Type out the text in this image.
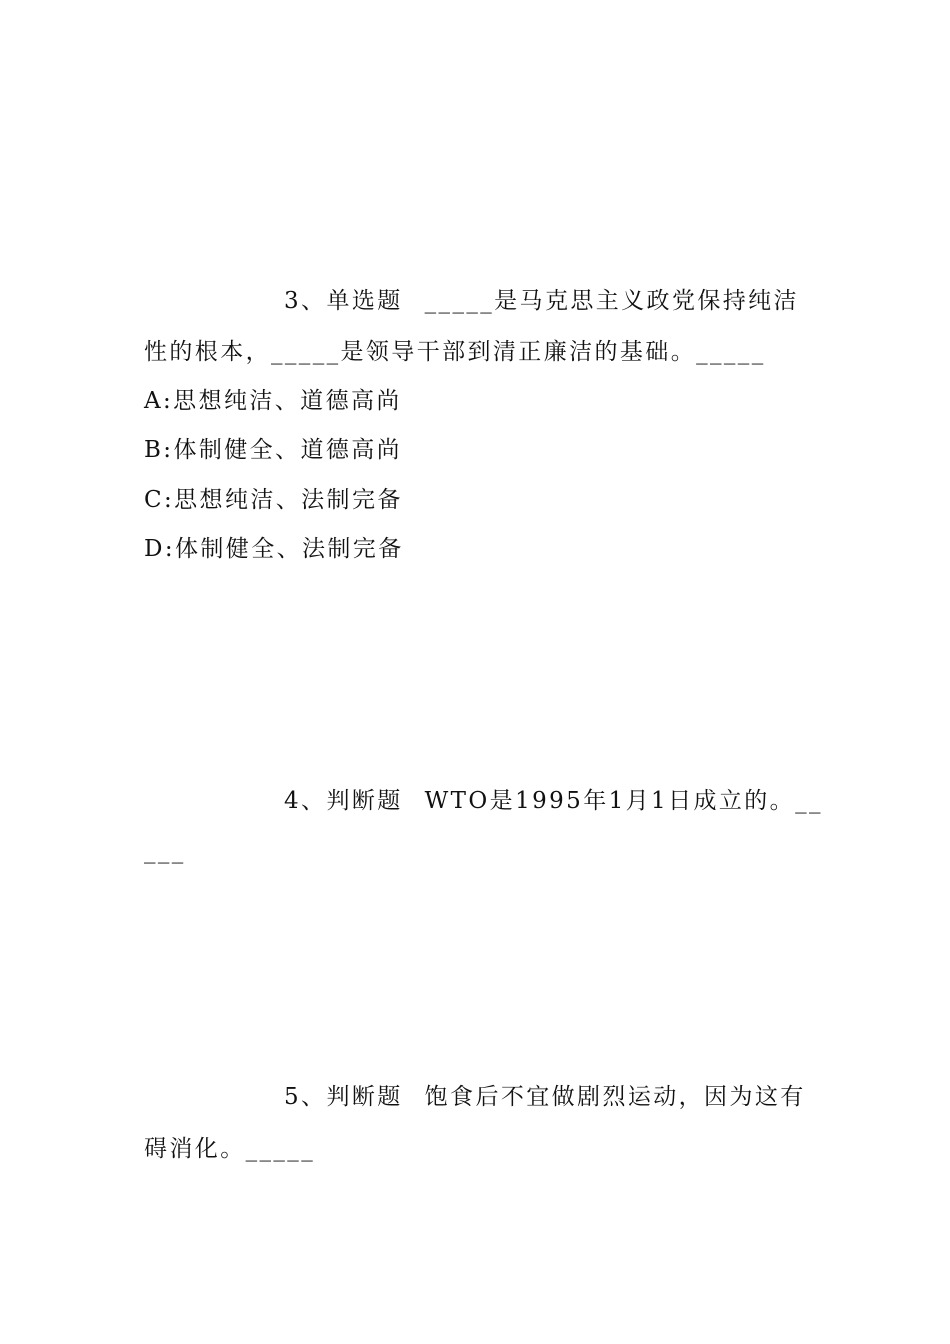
3、单选题 _____是马克思主义政党保持纯洁
性的根本，_____是领导干部到清正廉洁的基础。_____
A:思想纯洁、道德高尚
B:体制健全、道德高尚
C:思想纯洁、法制完备
D:体制健全、法制完备
4、判断题 WTO是1995年1月1日成立的。__
___
5、判断题 饱食后不宜做剧烈运动，因为这有
碍消化。_____
